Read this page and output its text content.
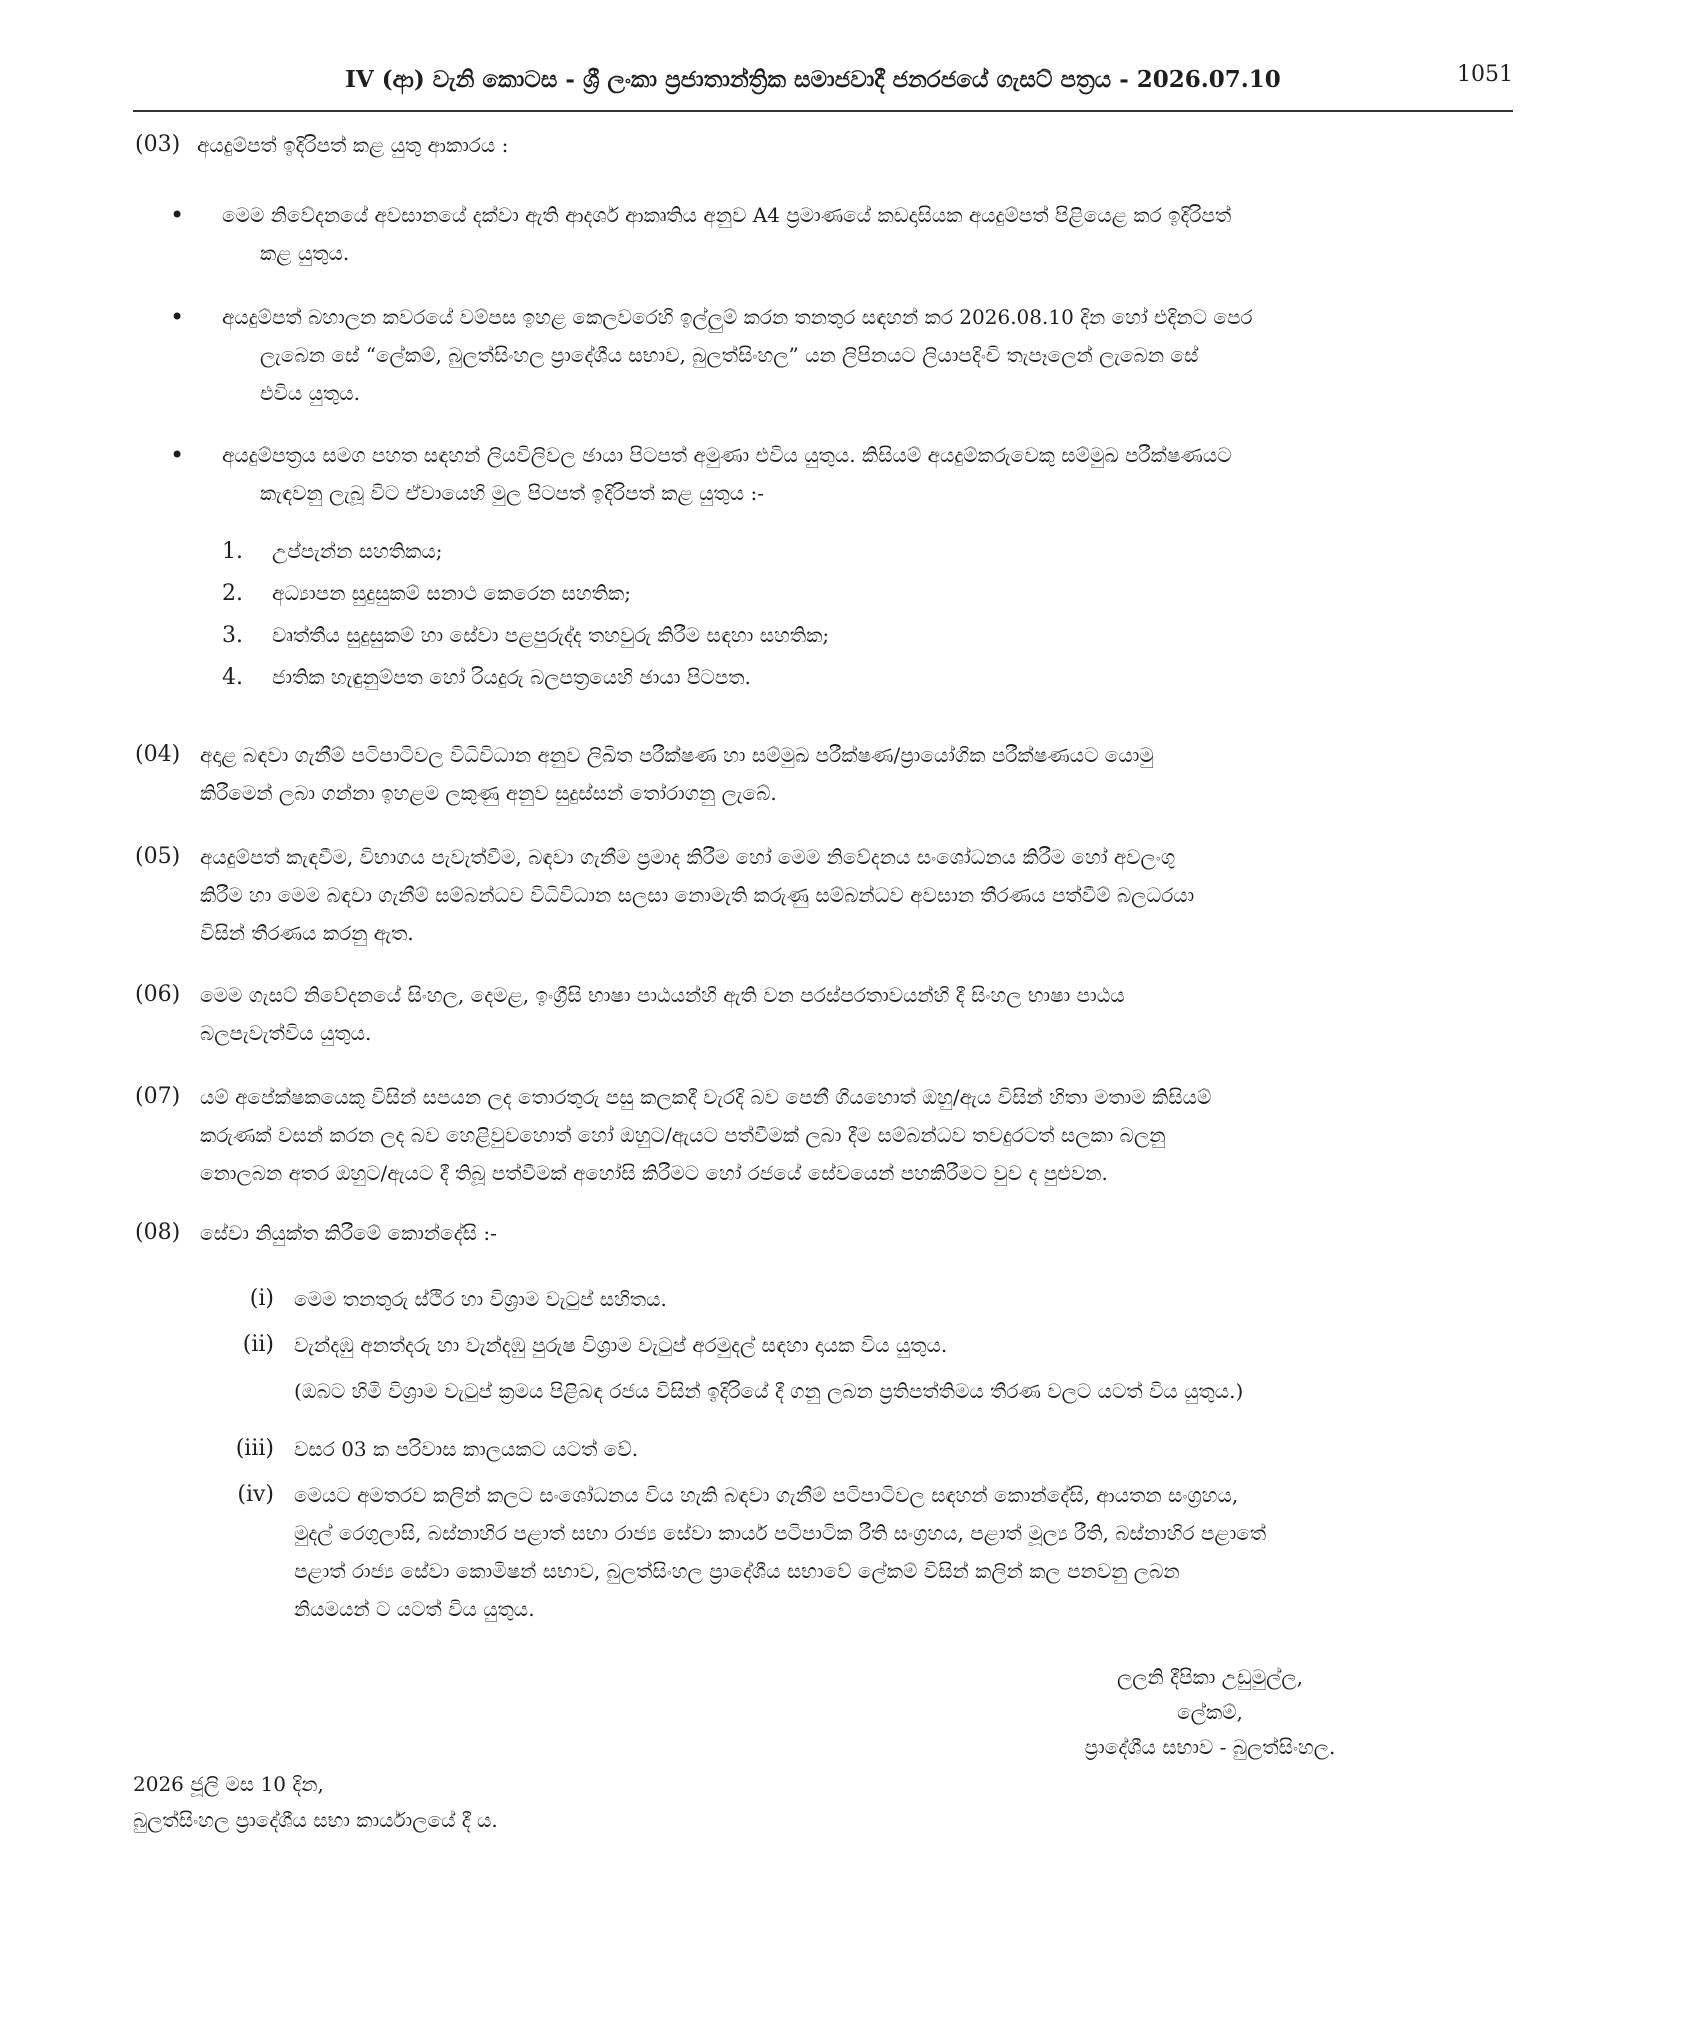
IV (ආ) වැනි කොටස - ශ්‍රී ලංකා ප්‍රජාතාන්ත්‍රික සමාජවාදී ජනරජයේ ගැසට් පත්‍රය - 2026.07.10	1051
(03) අයදුම්පත් ඉදිරිපත් කළ යුතු ආකාරය :
• මෙම නිවේදනයේ අවසානයේ දක්වා ඇති ආදර්ශ ආකෘතිය අනුව A4 ප්‍රමාණයේ කඩදාසියක අයදුම්පත් පිළියෙළ කර ඉදිරිපත්
කළ යුතුය.
• අයදුම්පත් බහාලන කවරයේ වම්පස ඉහළ කෙලවරෙහි ඉල්ලුම් කරන තනතුර සඳහන් කර 2026.08.10 දින හෝ එදිනට පෙර
ලැබෙන සේ “ලේකම්, බුලත්සිංහල ප්‍රාදේශීය සභාව, බුලත්සිංහල” යන ලිපිනයට ලියාපදිංචි තැපෑලෙන් ලැබෙන සේ
එවිය යුතුය.
• අයදුම්පත්‍රය සමග පහත සඳහන් ලියවිලිවල ඡායා පිටපත් අමුණා එවිය යුතුය. කිසියම් අයදුම්කරුවෙකු සම්මුඛ පරීක්ෂණයට
කැඳවනු ලැබූ විට ඒවායෙහි මුල පිටපත් ඉදිරිපත් කළ යුතුය :-
1. උප්පැන්න සහතිකය;
2. අධ්‍යාපන සුදුසුකම් සනාථ කෙරෙන සහතික;
3. වෘත්තීය සුදුසුකම් හා සේවා පළපුරුද්ද තහවුරු කිරීම සඳහා සහතික;
4. ජාතික හැඳුනුම්පත හෝ රියදුරු බලපත්‍රයෙහි ඡායා පිටපත.
(04) අදාළ බඳවා ගැනීම් පටිපාටිවල විධිවිධාන අනුව ලිඛිත පරීක්ෂණ හා සම්මුඛ පරීක්ෂණ/ප්‍රායෝගික පරීක්ෂණයට යොමු
කිරීමෙන් ලබා ගන්නා ඉහළම ලකුණු අනුව සුදුස්සන් තෝරාගනු ලැබේ.
(05) අයදුම්පත් කැඳවීම, විභාගය පැවැත්වීම, බඳවා ගැනීම ප්‍රමාද කිරීම හෝ මෙම නිවේදනය සංශෝධනය කිරීම හෝ අවලංගු
කිරීම හා මෙම බඳවා ගැනීම් සම්බන්ධව විධිවිධාන සලසා නොමැති කරුණු සම්බන්ධව අවසාන තීරණය පත්වීම් බලධරයා
විසින් තීරණය කරනු ඇත.
(06) මෙම ගැසට් නිවේදනයේ සිංහල, දෙමළ, ඉංග්‍රීසි භාෂා පාඨයන්හි ඇති වන පරස්පරතාවයන්හි දී සිංහල භාෂා පාඨය
බලපැවැත්විය යුතුය.
(07) යම් අපේක්ෂකයෙකු විසින් සපයන ලද තොරතුරු පසු කලකදී වැරදි බව පෙනී ගියහොත් ඔහු/ඇය විසින් හිතා මතාම කිසියම්
කරුණක් වසන් කරන ලද බව හෙළිවුවහොත් හෝ ඔහුට/ඇයට පත්වීමක් ලබා දීම සම්බන්ධව තවදුරටත් සලකා බලනු
නොලබන අතර ඔහුට/ඇයට දී තිබූ පත්වීමක් අහෝසි කිරීමට හෝ රජයේ සේවයෙන් පහකිරීමට වුව ද පුළුවන.
(08) සේවා නියුක්ත කිරීමේ කොන්දේසි :-
(i) මෙම තනතුරු ස්ථිර හා විශ්‍රාම වැටුප් සහිතය.
(ii) වැන්දඹු අනත්දරු හා වැන්දඹු පුරුෂ විශ්‍රාම වැටුප් අරමුදල් සඳහා දායක විය යුතුය.
(ඔබට හිමි විශ්‍රාම වැටුප් ක්‍රමය පිළිබඳ රජය විසින් ඉදිරියේ දී ගනු ලබන ප්‍රතිපත්තිමය තීරණ වලට යටත් විය යුතුය.)
(iii) වසර 03 ක පරිවාස කාලයකට යටත් වේ.
(iv) මෙයට අමතරව කලින් කලට සංශෝධනය විය හැකි බඳවා ගැනීම් පටිපාටිවල සඳහන් කොන්දේසි, ආයතන සංග්‍රහය,
මුදල් රෙගුලාසි, බස්නාහිර පළාත් සභා රාජ්‍ය සේවා කාර්ය පටිපාටික රීති සංග්‍රහය, පළාත් මූල්‍ය රීති, බස්නාහිර පළාතේ
පළාත් රාජ්‍ය සේවා කොමිෂන් සභාව, බුලත්සිංහල ප්‍රාදේශීය සභාවේ ලේකම් විසින් කලින් කල පනවනු ලබන
නියමයන් ට යටත් විය යුතුය.
ලලනි දීපිකා උඩුමුල්ල,
ලේකම්,
ප්‍රාදේශීය සභාව - බුලත්සිංහල.
2026 ජූලි මස 10 දින,
බුලත්සිංහල ප්‍රාදේශීය සභා කාර්යාලයේ දී ය.
